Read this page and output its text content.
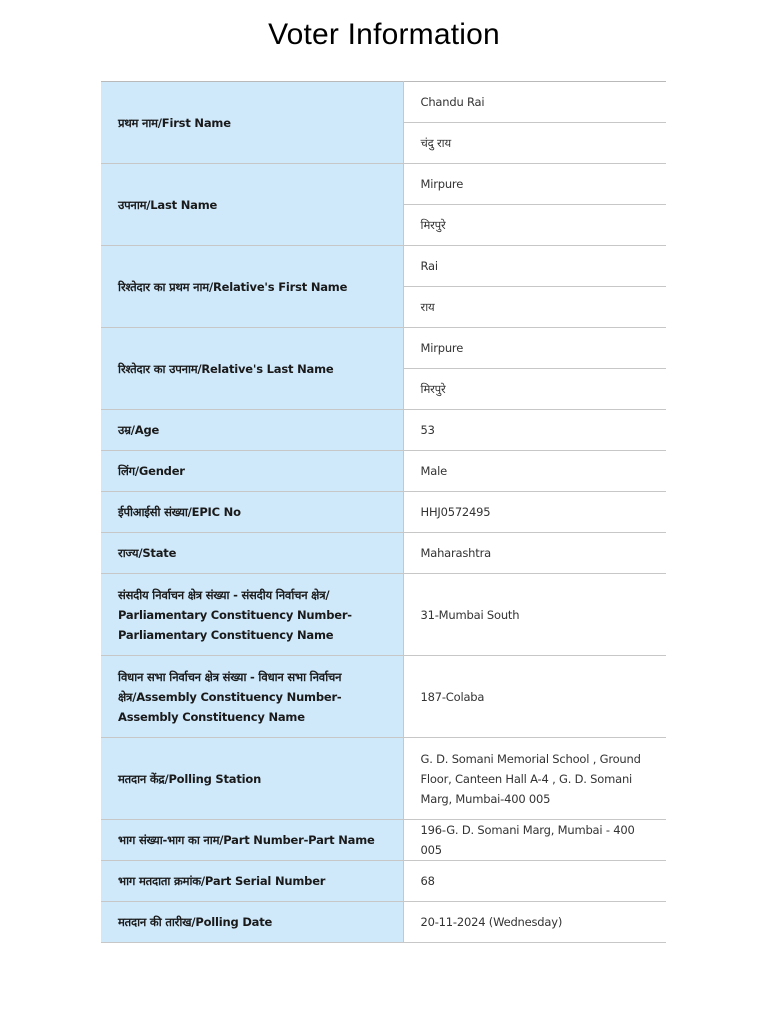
Voter Information
प्रथम नाम/First Name	Chandu Rai
	चंदु राय
उपनाम/Last Name	Mirpure
	मिरपुरे
रिश्तेदार का प्रथम नाम/Relative's First Name	Rai
	राय
रिश्तेदार का उपनाम/Relative's Last Name	Mirpure
	मिरपुरे
उम्र/Age	53
लिंग/Gender	Male
ईपीआईसी संख्या/EPIC No	HHJ0572495
राज्य/State	Maharashtra
संसदीय निर्वाचन क्षेत्र संख्या - संसदीय निर्वाचन क्षेत्र/ Parliamentary Constituency Number- Parliamentary Constituency Name	31-Mumbai South
विधान सभा निर्वाचन क्षेत्र संख्या - विधान सभा निर्वाचन क्षेत्र/Assembly Constituency Number-Assembly Constituency Name	187-Colaba
मतदान केंद्र/Polling Station	G. D. Somani Memorial School , Ground Floor, Canteen Hall A-4 , G. D. Somani Marg, Mumbai-400 005
भाग संख्या-भाग का नाम/Part Number-Part Name	196-G. D. Somani Marg, Mumbai - 400 005
भाग मतदाता क्रमांक/Part Serial Number	68
मतदान की तारीख/Polling Date	20-11-2024 (Wednesday)
